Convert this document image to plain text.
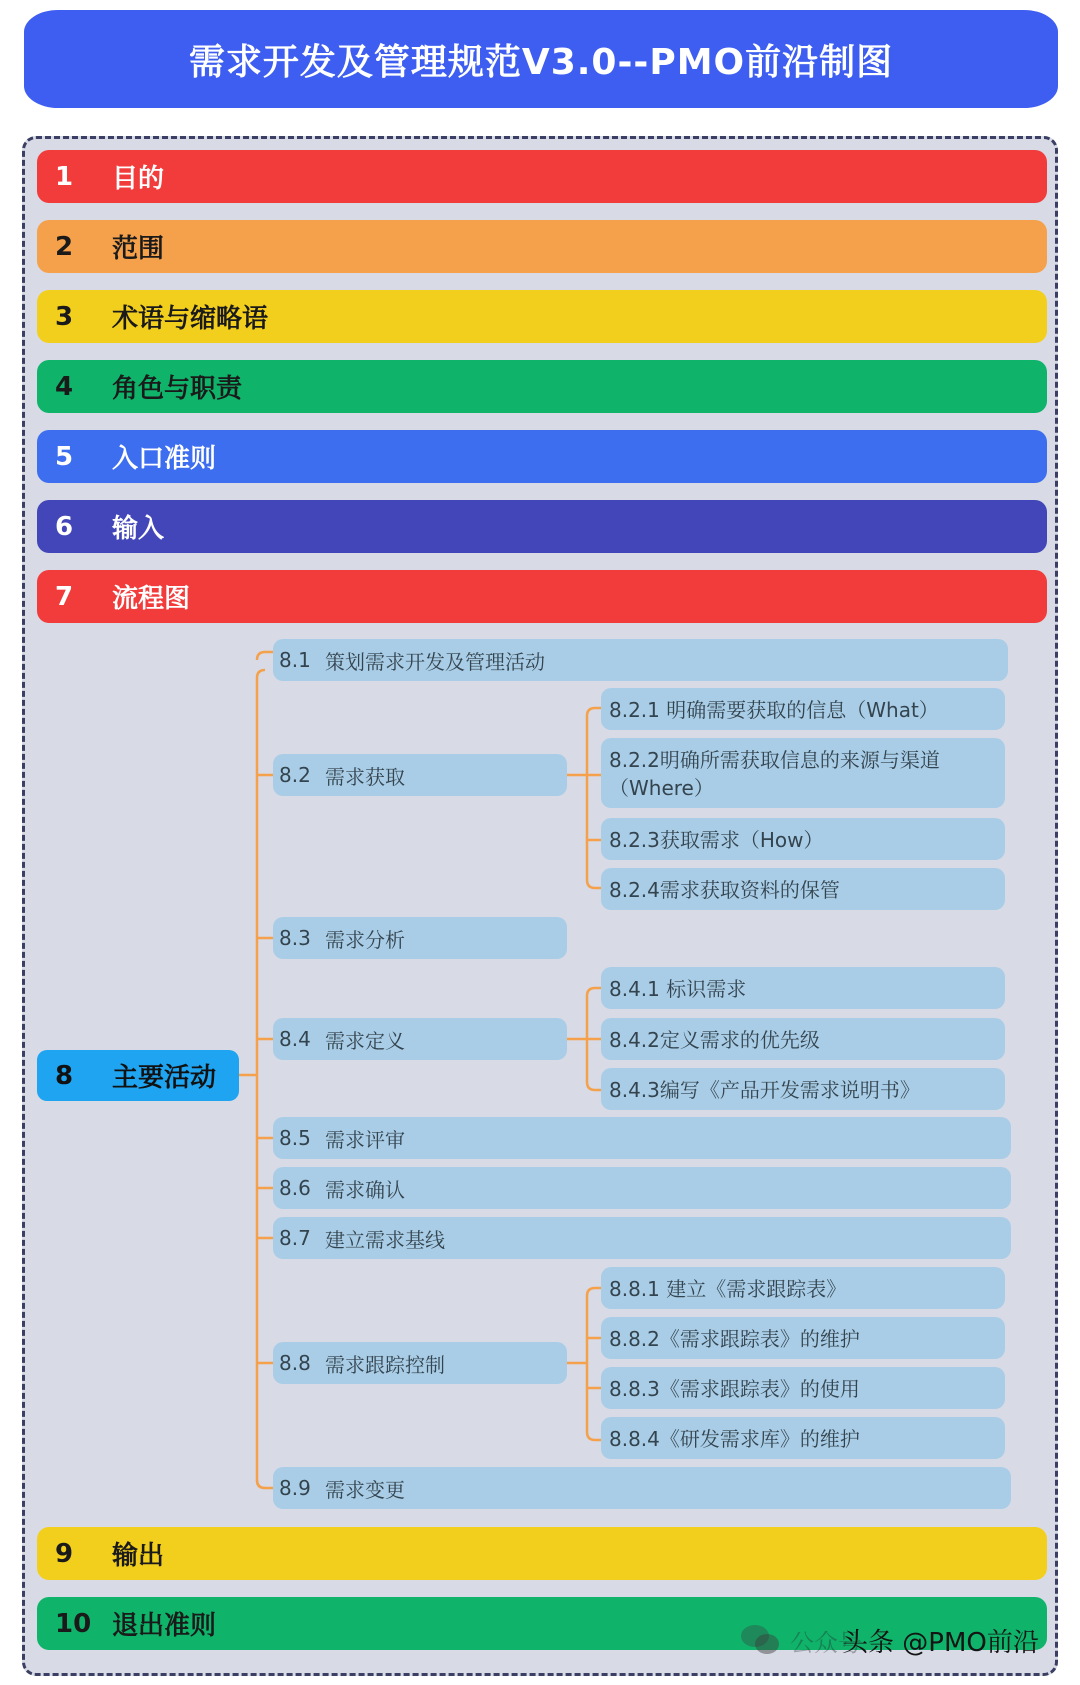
需求开发及管理规范V3.0--PMO前沿制图
1	目的
2	范围
3	术语与缩略语
4	角色与职责
5	入口准则
6	输入
7	流程图
8	主要活动
8.1 策划需求开发及管理活动
8.2 需求获取
8.3 需求分析
8.4 需求定义
8.5 需求评审
8.6 需求确认
8.7 建立需求基线
8.8 需求跟踪控制
8.9 需求变更
8.2.1 明确需要获取的信息（What）
8.2.2明确所需获取信息的来源与渠道（Where）
8.2.3获取需求（How）
8.2.4需求获取资料的保管
8.4.1 标识需求
8.4.2定义需求的优先级
8.4.3编写《产品开发需求说明书》
8.8.1 建立《需求跟踪表》
8.8.2《需求跟踪表》的维护
8.8.3《需求跟踪表》的使用
8.8.4《研发需求库》的维护
9	输出
10 退出准则
公众号
头条 @PMO前沿
